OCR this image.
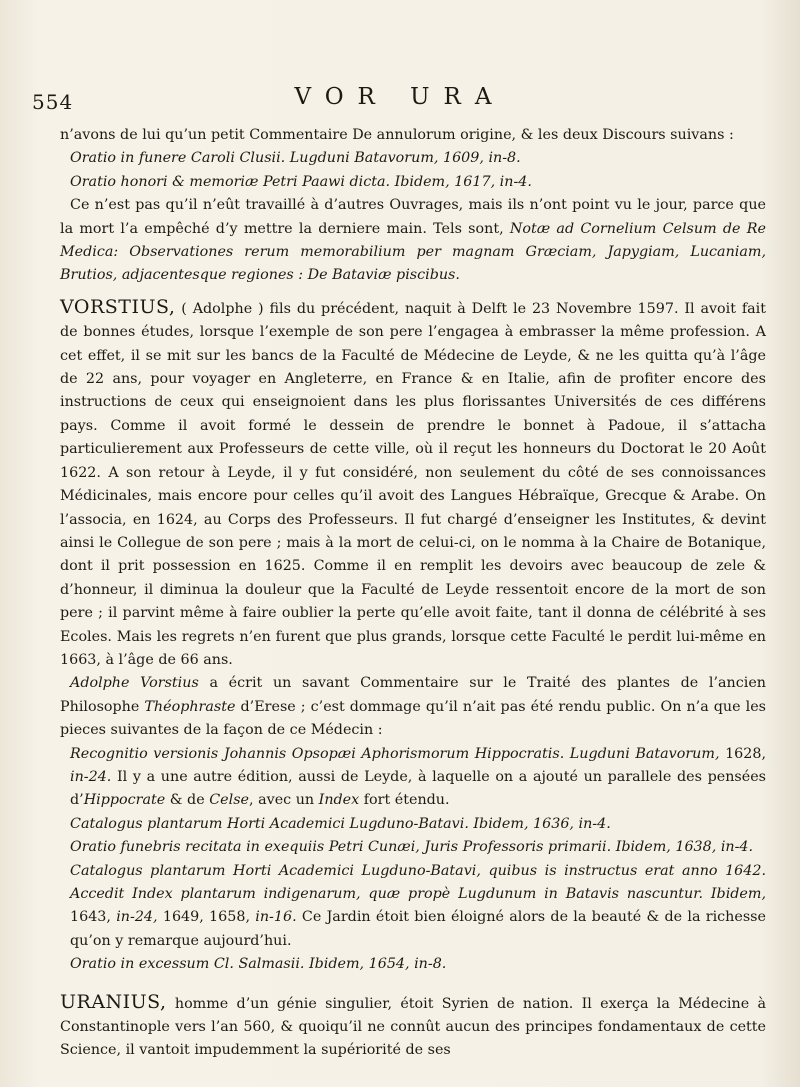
554	VOR URA

n’avons de lui qu’un petit Commentaire De annulorum origine, & les deux Discours suivans :

Oratio in funere Caroli Clusii. Lugduni Batavorum, 1609, in-8.

Oratio honori & memoriæ Petri Paawi dicta. Ibidem, 1617, in-4.

Ce n’est pas qu’il n’eût travaillé à d’autres Ouvrages, mais ils n’ont point vu le jour, parce que la mort l’a empêché d’y mettre la derniere main. Tels sont, Notæ ad Cornelium Celsum de Re Medica: Observationes rerum memorabilium per magnam Græciam, Japygiam, Lucaniam, Brutios, adjacentesque regiones : De Bataviæ piscibus.

VORSTIUS, ( Adolphe ) fils du précédent, naquit à Delft le 23 Novembre 1597. Il avoit fait de bonnes études, lorsque l’exemple de son pere l’engagea à embrasser la même profession. A cet effet, il se mit sur les bancs de la Faculté de Médecine de Leyde, & ne les quitta qu’à l’âge de 22 ans, pour voyager en Angleterre, en France & en Italie, afin de profiter encore des instructions de ceux qui enseignoient dans les plus florissantes Universités de ces différens pays. Comme il avoit formé le dessein de prendre le bonnet à Padoue, il s’attacha particulierement aux Professeurs de cette ville, où il reçut les honneurs du Doctorat le 20 Août 1622. A son retour à Leyde, il y fut considéré, non seulement du côté de ses connoissances Médicinales, mais encore pour celles qu’il avoit des Langues Hébraïque, Grecque & Arabe. On l’associa, en 1624, au Corps des Professeurs. Il fut chargé d’enseigner les Institutes, & devint ainsi le Collegue de son pere ; mais à la mort de celui-ci, on le nomma à la Chaire de Botanique, dont il prit possession en 1625. Comme il en remplit les devoirs avec beaucoup de zele & d’honneur, il diminua la douleur que la Faculté de Leyde ressentoit encore de la mort de son pere ; il parvint même à faire oublier la perte qu’elle avoit faite, tant il donna de célébrité à ses Ecoles. Mais les regrets n’en furent que plus grands, lorsque cette Faculté le perdit lui-même en 1663, à l’âge de 66 ans.

Adolphe Vorstius a écrit un savant Commentaire sur le Traité des plantes de l’ancien Philosophe Théophraste d’Erese ; c’est dommage qu’il n’ait pas été rendu public. On n’a que les pieces suivantes de la façon de ce Médecin :

Recognitio versionis Johannis Opsopæi Aphorismorum Hippocratis. Lugduni Batavorum, 1628, in-24. Il y a une autre édition, aussi de Leyde, à laquelle on a ajouté un parallele des pensées d’Hippocrate & de Celse, avec un Index fort étendu.

Catalogus plantarum Horti Academici Lugduno-Batavi. Ibidem, 1636, in-4.

Oratio funebris recitata in exequiis Petri Cunæi, Juris Professoris primarii. Ibidem, 1638, in-4.

Catalogus plantarum Horti Academici Lugduno-Batavi, quibus is instructus erat anno 1642. Accedit Index plantarum indigenarum, quæ propè Lugdunum in Batavis nascuntur. Ibidem, 1643, in-24, 1649, 1658, in-16. Ce Jardin étoit bien éloigné alors de la beauté & de la richesse qu’on y remarque aujourd’hui.

Oratio in excessum Cl. Salmasii. Ibidem, 1654, in-8.

URANIUS, homme d’un génie singulier, étoit Syrien de nation. Il exerça la Médecine à Constantinople vers l’an 560, & quoiqu’il ne connût aucun des principes fondamentaux de cette Science, il vantoit impudemment la supériorité de ses
